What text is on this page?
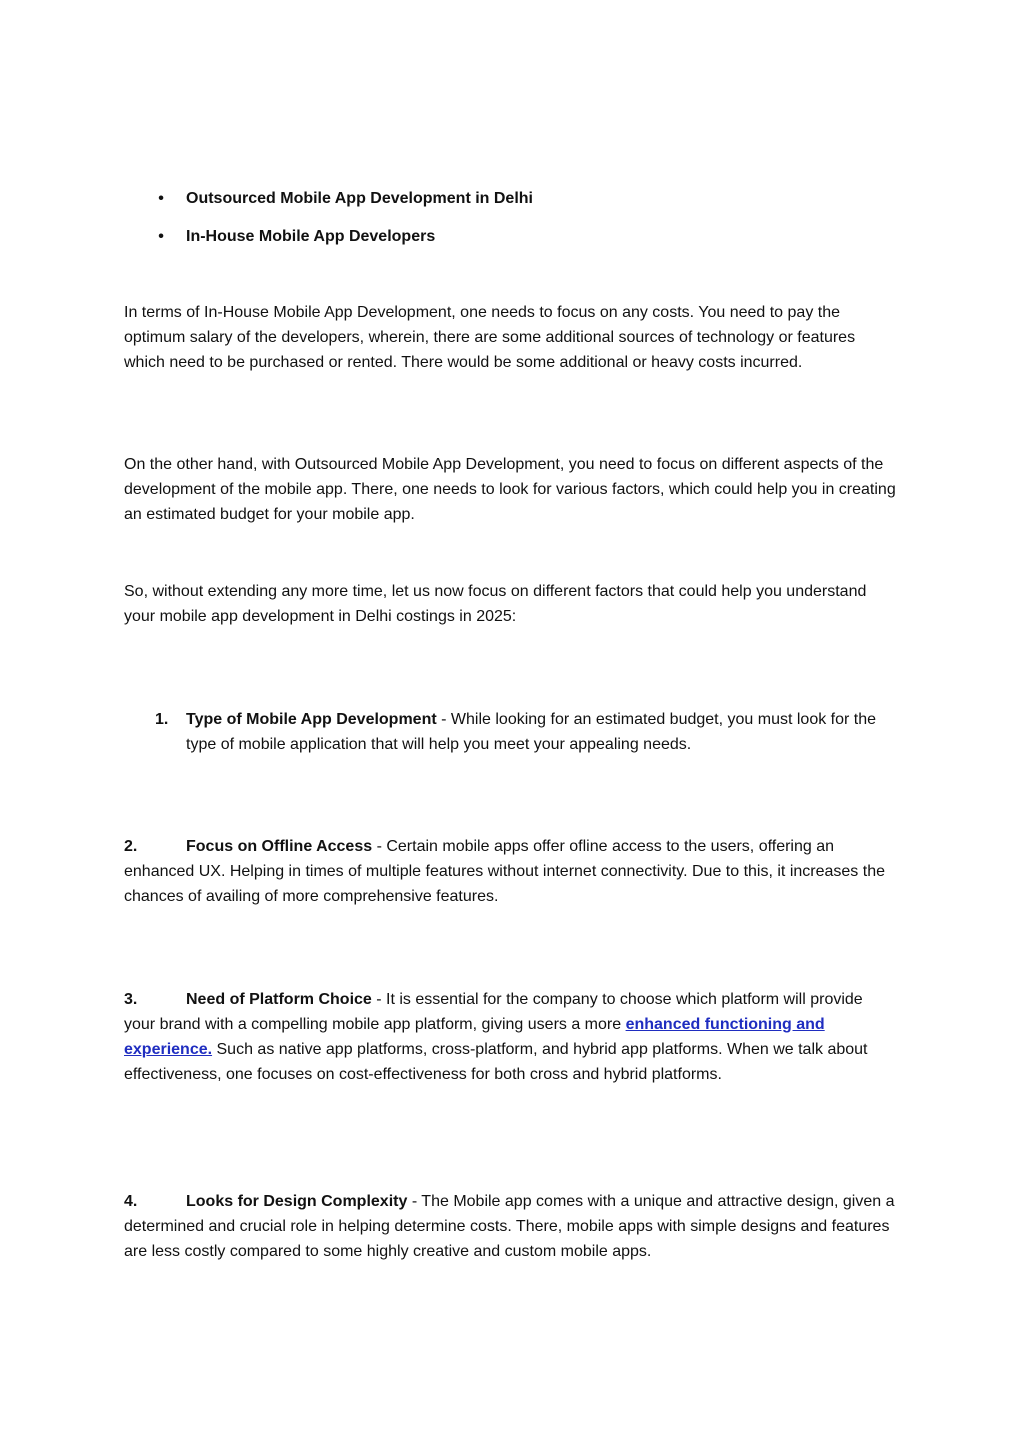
• Outsourced Mobile App Development in Delhi
• In-House Mobile App Developers

In terms of In-House Mobile App Development, one needs to focus on any costs. You need to pay the optimum salary of the developers, wherein, there are some additional sources of technology or features which need to be purchased or rented. There would be some additional or heavy costs incurred.

On the other hand, with Outsourced Mobile App Development, you need to focus on different aspects of the development of the mobile app. There, one needs to look for various factors, which could help you in creating an estimated budget for your mobile app.

So, without extending any more time, let us now focus on different factors that could help you understand your mobile app development in Delhi costings in 2025:

1. Type of Mobile App Development - While looking for an estimated budget, you must look for the type of mobile application that will help you meet your appealing needs.

2.	Focus on Offline Access - Certain mobile apps offer ofline access to the users, offering an enhanced UX. Helping in times of multiple features without internet connectivity. Due to this, it increases the chances of availing of more comprehensive features.

3.	Need of Platform Choice - It is essential for the company to choose which platform will provide your brand with a compelling mobile app platform, giving users a more enhanced functioning and experience. Such as native app platforms, cross-platform, and hybrid app platforms. When we talk about effectiveness, one focuses on cost-effectiveness for both cross and hybrid platforms.

4.	Looks for Design Complexity - The Mobile app comes with a unique and attractive design, given a determined and crucial role in helping determine costs. There, mobile apps with simple designs and features are less costly compared to some highly creative and custom mobile apps.
